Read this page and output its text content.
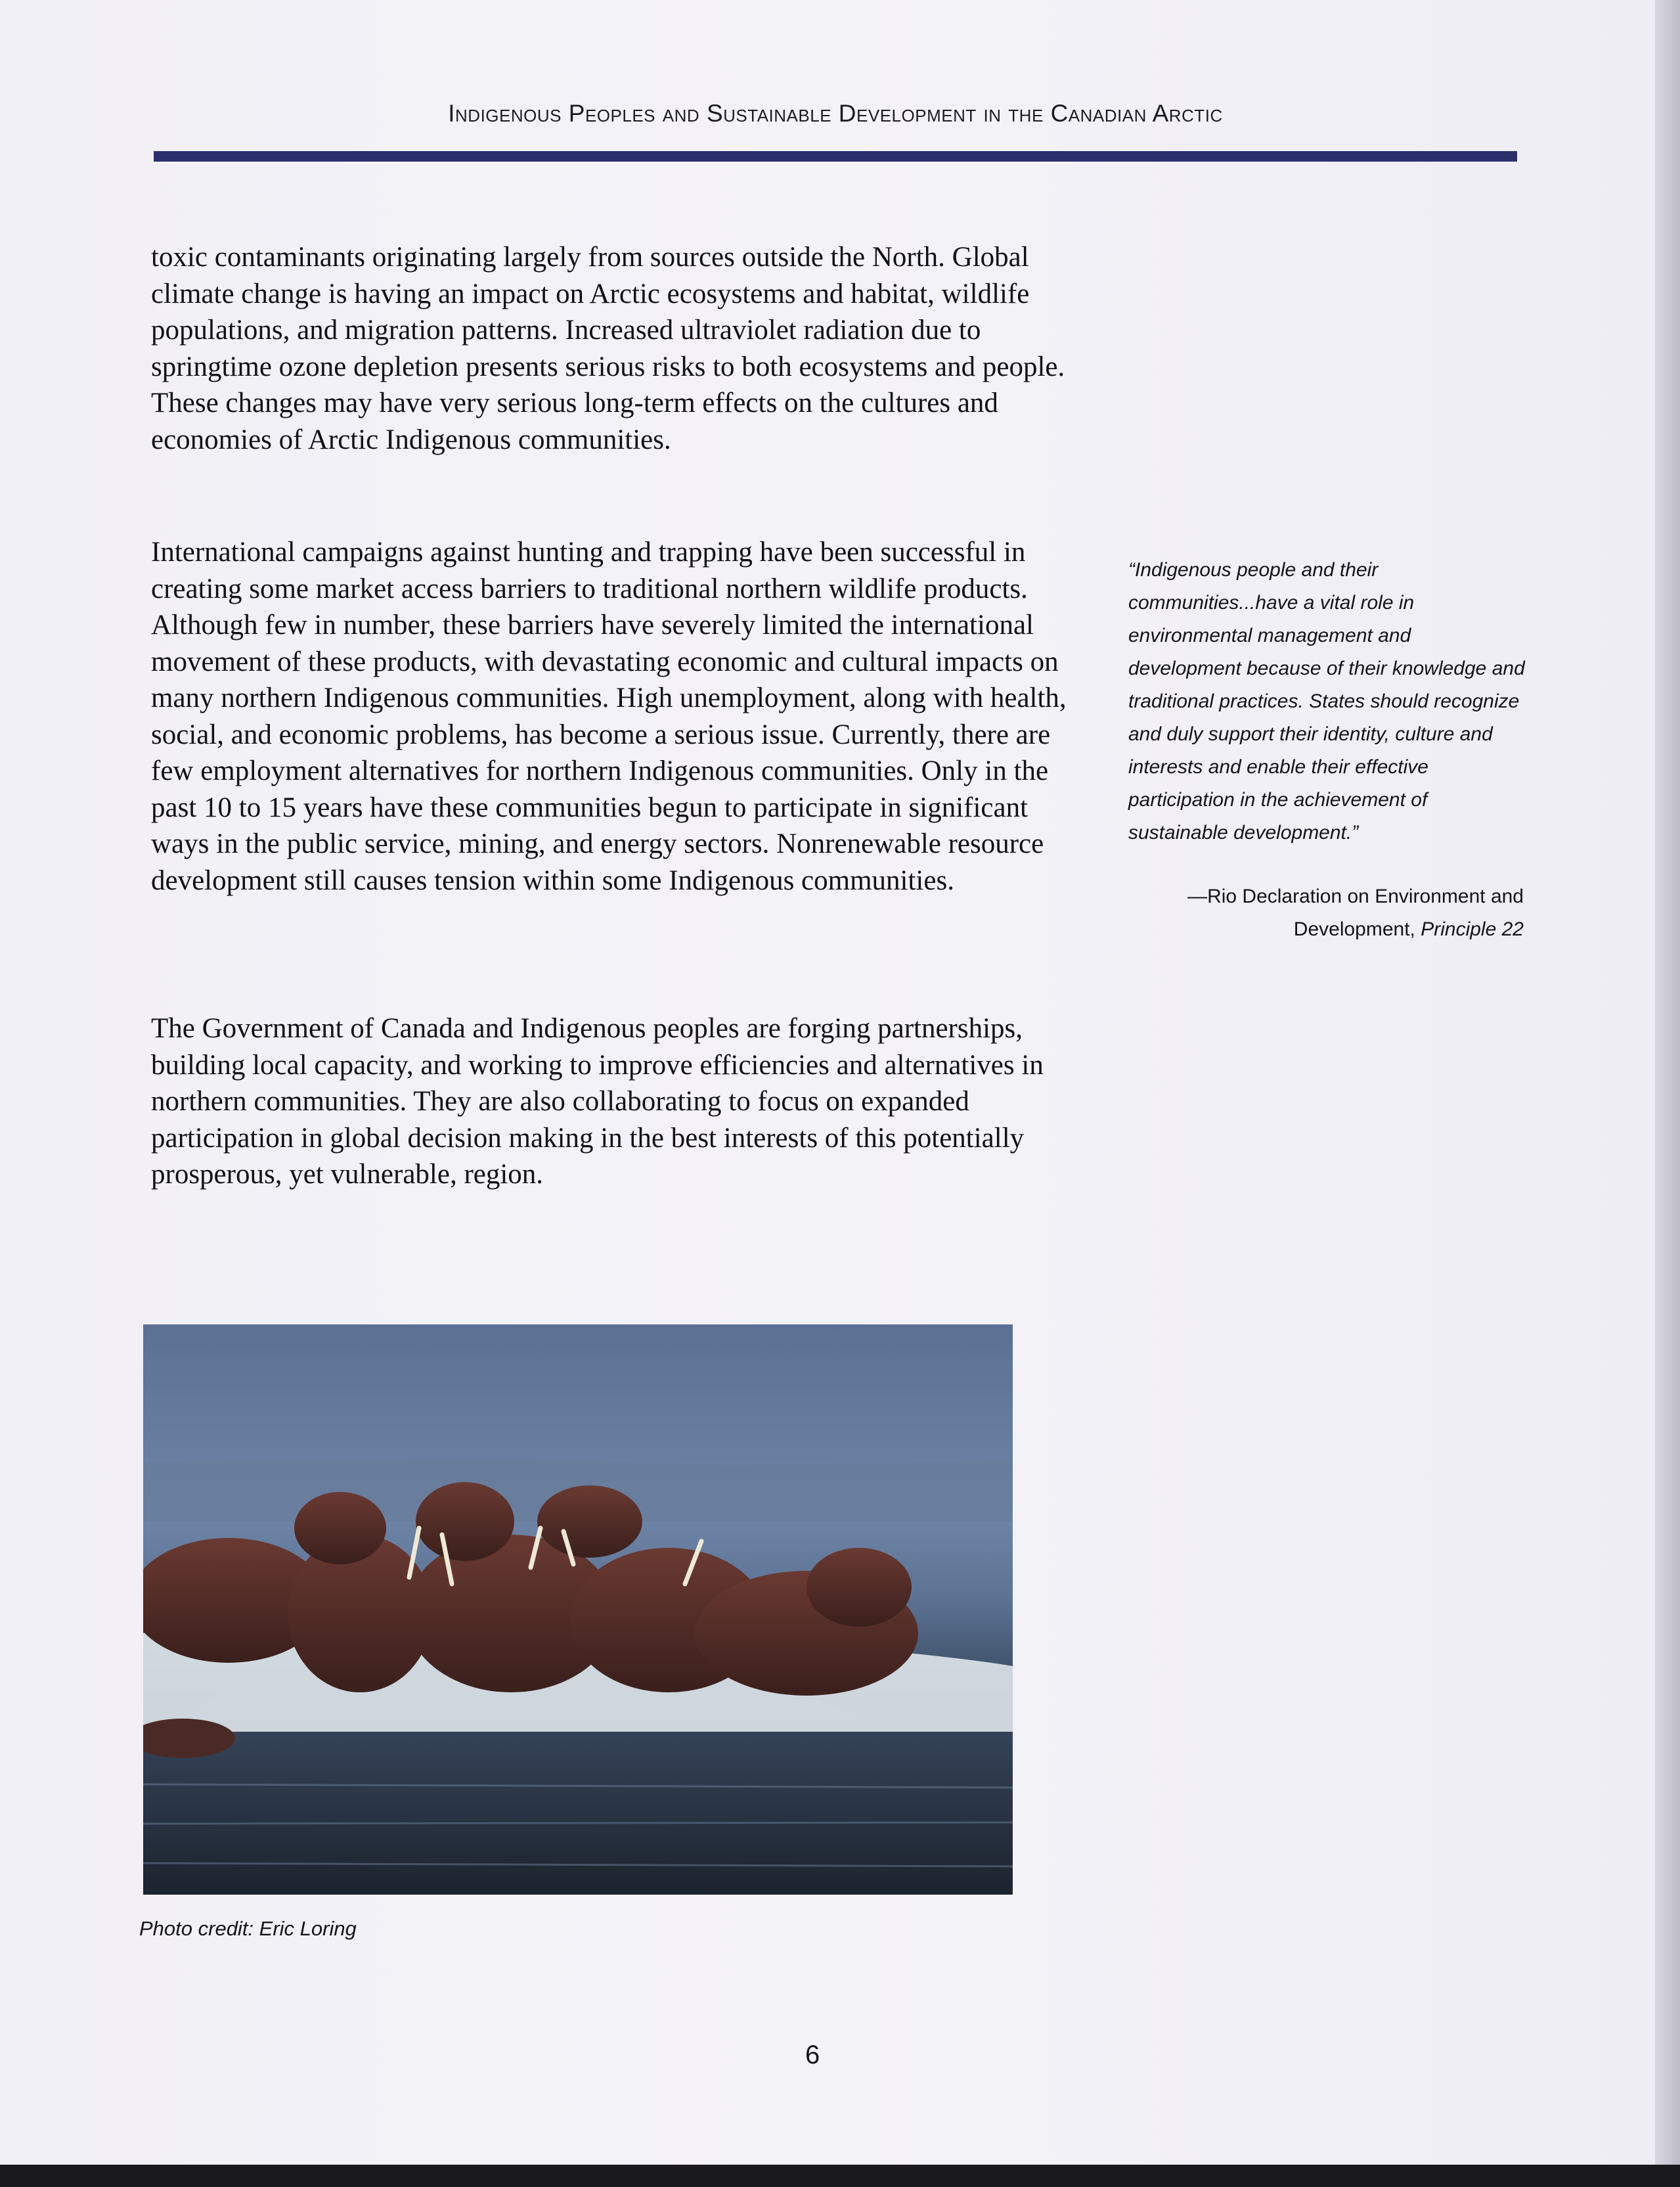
Indigenous Peoples and Sustainable Development in the Canadian Arctic

toxic contaminants originating largely from sources outside the North. Global climate change is having an impact on Arctic ecosystems and habitat, wildlife populations, and migration patterns. Increased ultraviolet radiation due to springtime ozone depletion presents serious risks to both ecosystems and people. These changes may have very serious long-term effects on the cultures and economies of Arctic Indigenous communities.

International campaigns against hunting and trapping have been successful in creating some market access barriers to traditional northern wildlife products. Although few in number, these barriers have severely limited the international movement of these products, with devastating economic and cultural impacts on many northern Indigenous communities. High unemployment, along with health, social, and economic problems, has become a serious issue. Currently, there are few employment alternatives for northern Indigenous communities. Only in the past 10 to 15 years have these communities begun to participate in significant ways in the public service, mining, and energy sectors. Nonrenewable resource development still causes tension within some Indigenous communities.

The Government of Canada and Indigenous peoples are forging partnerships, building local capacity, and working to improve efficiencies and alternatives in northern communities. They are also collaborating to focus on expanded participation in global decision making in the best interests of this potentially prosperous, yet vulnerable, region.

“Indigenous people and their communities...have a vital role in environmental management and development because of their knowledge and traditional practices. States should recognize and duly support their identity, culture and interests and enable their effective participation in the achievement of sustainable development.”
—Rio Declaration on Environment and Development, Principle 22
Photo credit: Eric Loring
6
